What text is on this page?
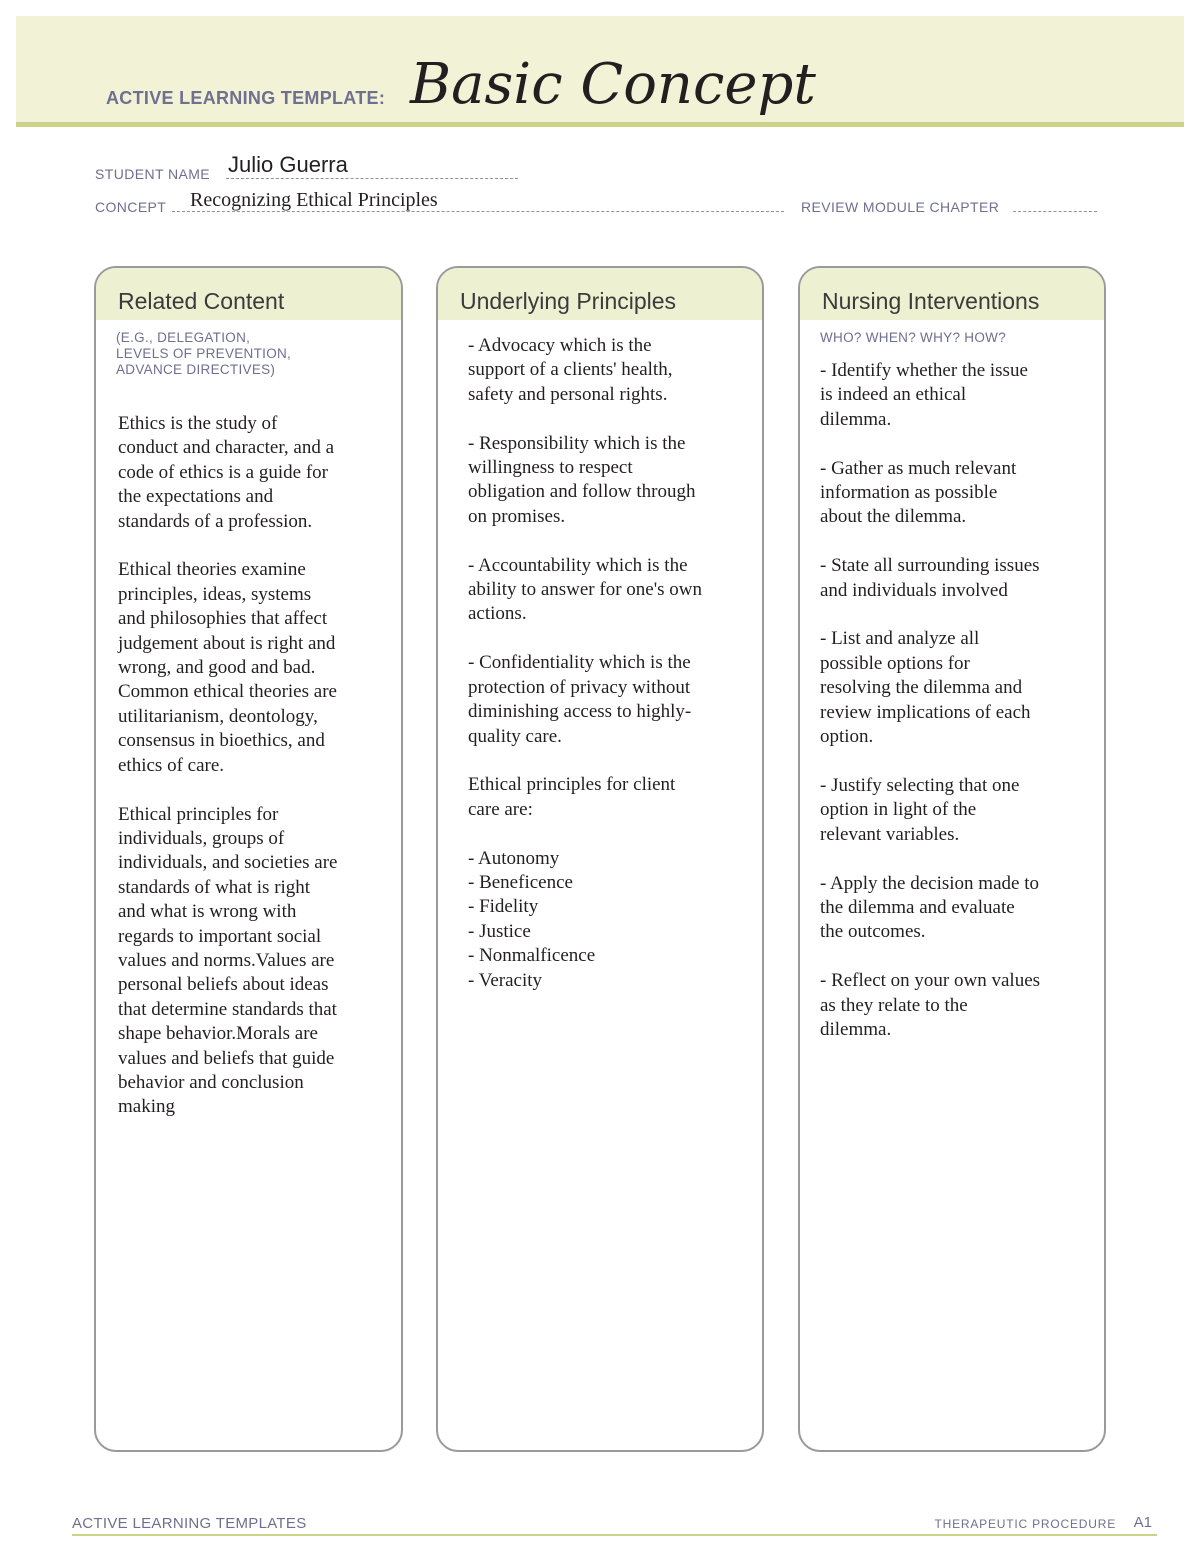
ACTIVE LEARNING TEMPLATE: Basic Concept
STUDENT NAME Julio Guerra
CONCEPT Recognizing Ethical Principles	REVIEW MODULE CHAPTER
Related Content
(E.G., DELEGATION,
LEVELS OF PREVENTION,
ADVANCE DIRECTIVES)
Ethics is the study of
conduct and character, and a
code of ethics is a guide for
the expectations and
standards of a profession.

Ethical theories examine
principles, ideas, systems
and philosophies that affect
judgement about is right and
wrong, and good and bad.
Common ethical theories are
utilitarianism, deontology,
consensus in bioethics, and
ethics of care.

Ethical principles for
individuals, groups of
individuals, and societies are
standards of what is right
and what is wrong with
regards to important social
values and norms.Values are
personal beliefs about ideas
that determine standards that
shape behavior.Morals are
values and beliefs that guide
behavior and conclusion
making
Underlying Principles
- Advocacy which is the
support of a clients' health,
safety and personal rights.

- Responsibility which is the
willingness to respect
obligation and follow through
on promises.

- Accountability which is the
ability to answer for one's own
actions.

- Confidentiality which is the
protection of privacy without
diminishing access to highly-
quality care.

Ethical principles for client
care are:

- Autonomy
- Beneficence
- Fidelity
- Justice
- Nonmalficence
- Veracity
Nursing Interventions
WHO? WHEN? WHY? HOW?
- Identify whether the issue
is indeed an ethical
dilemma.

- Gather as much relevant
information as possible
about the dilemma.

- State all surrounding issues
and individuals involved

- List and analyze all
possible options for
resolving the dilemma and
review implications of each
option.

- Justify selecting that one
option in light of the
relevant variables.

- Apply the decision made to
the dilemma and evaluate
the outcomes.

- Reflect on your own values
as they relate to the
dilemma.
ACTIVE LEARNING TEMPLATES	THERAPEUTIC PROCEDURE A1
